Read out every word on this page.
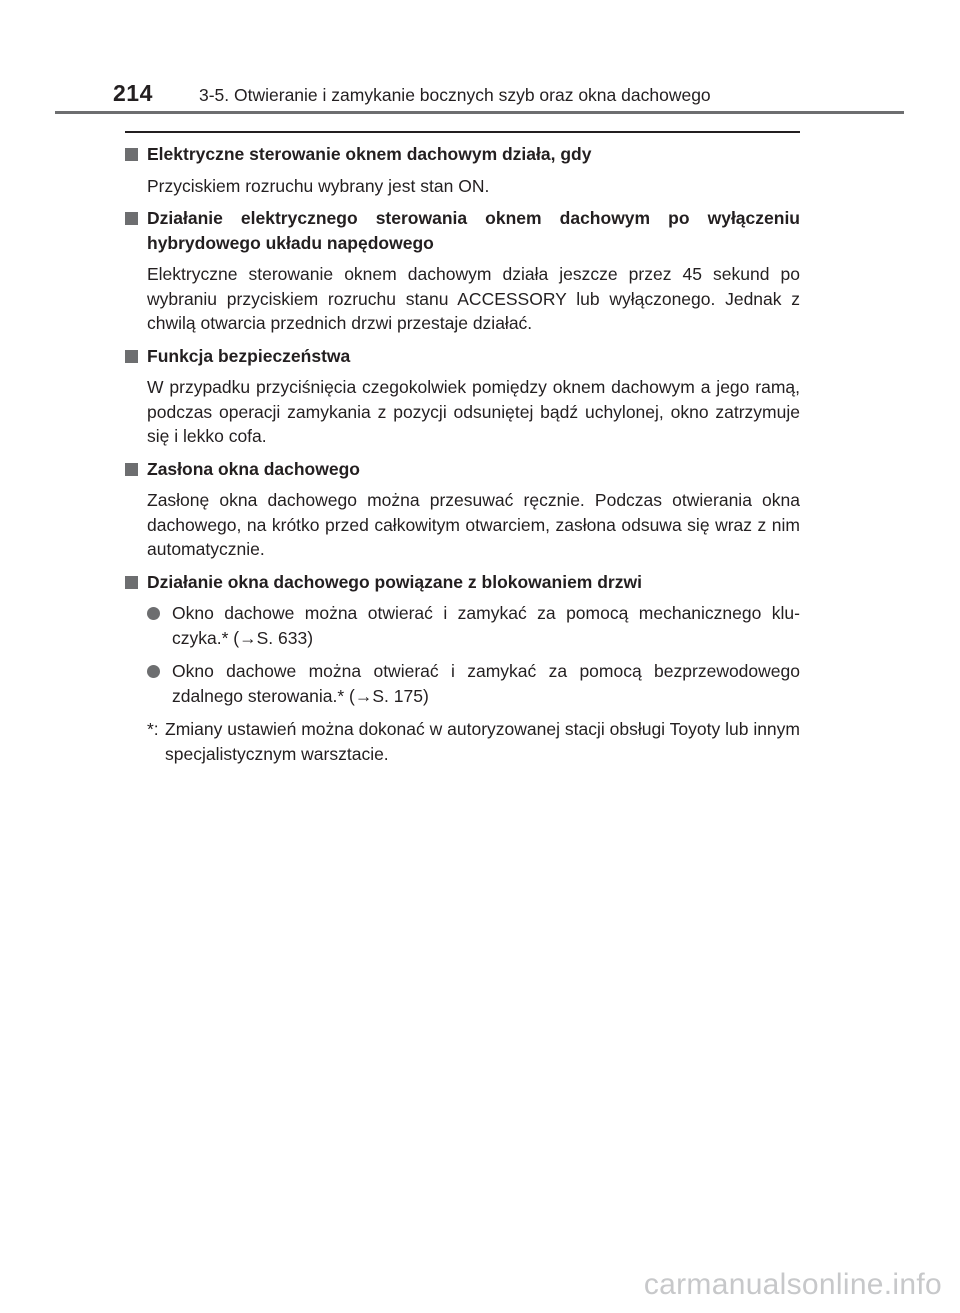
214	3-5. Otwieranie i zamykanie bocznych szyb oraz okna dachowego
Elektryczne sterowanie oknem dachowym działa, gdy
Przyciskiem rozruchu wybrany jest stan ON.
Działanie elektrycznego sterowania oknem dachowym po wyłączeniu hybrydowego układu napędowego
Elektryczne sterowanie oknem dachowym działa jeszcze przez 45 sekund po wybraniu przyciskiem rozruchu stanu ACCESSORY lub wyłączonego. Jednak z chwilą otwarcia przednich drzwi przestaje działać.
Funkcja bezpieczeństwa
W przypadku przyciśnięcia czegokolwiek pomiędzy oknem dachowym a jego ramą, podczas operacji zamykania z pozycji odsuniętej bądź uchylonej, okno zatrzymuje się i lekko cofa.
Zasłona okna dachowego
Zasłonę okna dachowego można przesuwać ręcznie. Podczas otwierania okna dachowego, na krótko przed całkowitym otwarciem, zasłona odsuwa się wraz z nim automatycznie.
Działanie okna dachowego powiązane z blokowaniem drzwi
Okno dachowe można otwierać i zamykać za pomocą mechanicznego klu-czyka.* (→S. 633)
Okno dachowe można otwierać i zamykać za pomocą bezprzewodowego zdalnego sterowania.* (→S. 175)
*: Zmiany ustawień można dokonać w autoryzowanej stacji obsługi Toyoty lub innym specjalistycznym warsztacie.
carmanualsonline.info
